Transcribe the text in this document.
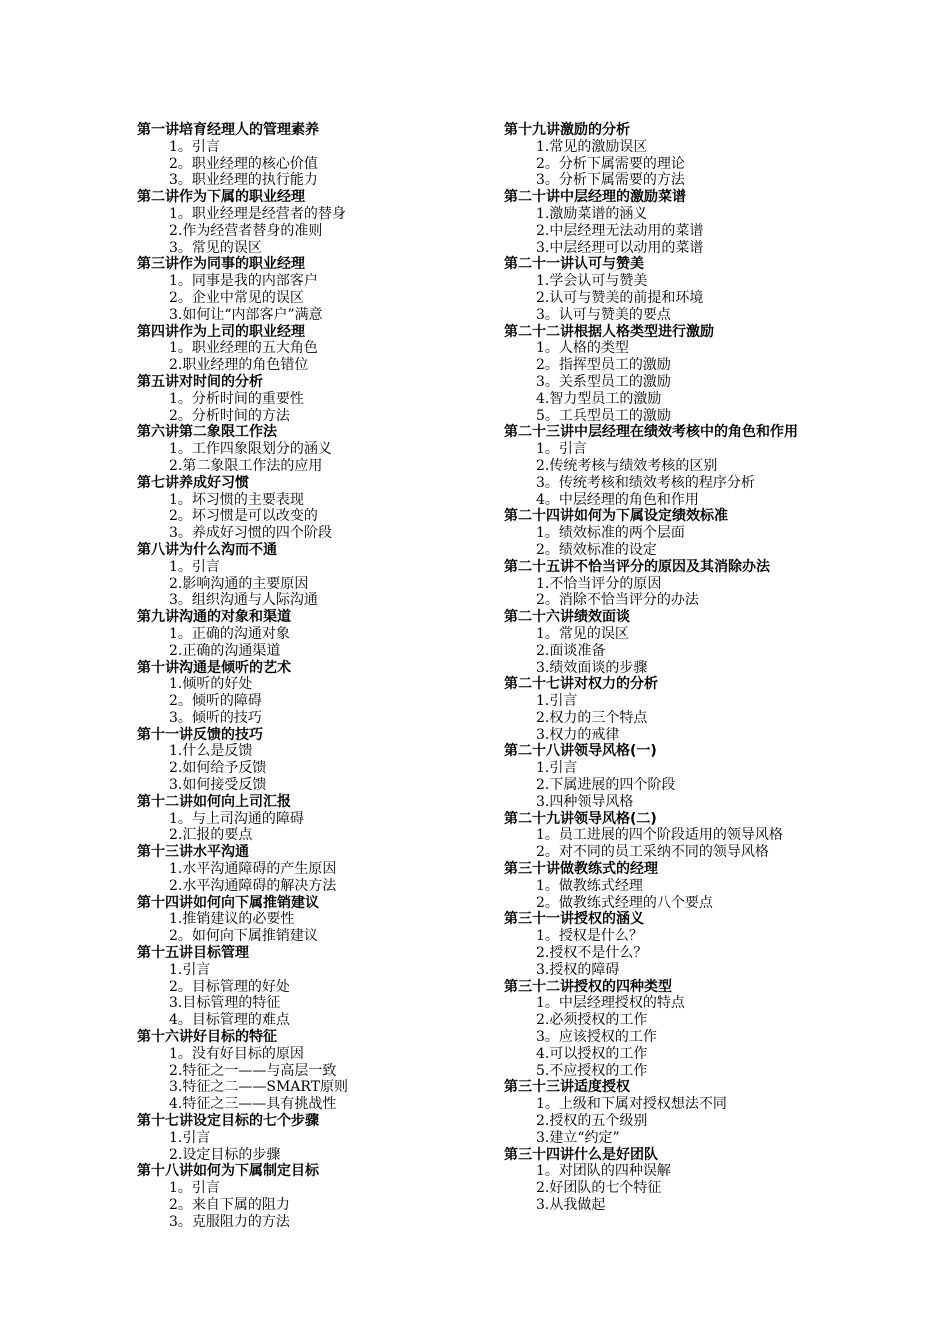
第一讲培育经理人的管理素养
1。引言
2。职业经理的核心价值
3。职业经理的执行能力
第二讲作为下属的职业经理
1。职业经理是经营者的替身
2.作为经营者替身的准则
3。常见的误区
第三讲作为同事的职业经理
1。同事是我的内部客户
2。企业中常见的误区
3.如何让“内部客户”满意
第四讲作为上司的职业经理
1。职业经理的五大角色
2.职业经理的角色错位
第五讲对时间的分析
1。分析时间的重要性
2。分析时间的方法
第六讲第二象限工作法
1。工作四象限划分的涵义
2.第二象限工作法的应用
第七讲养成好习惯
1。坏习惯的主要表现
2。坏习惯是可以改变的
3。养成好习惯的四个阶段
第八讲为什么沟而不通
1。引言
2.影响沟通的主要原因
3。组织沟通与人际沟通
第九讲沟通的对象和渠道
1。正确的沟通对象
2.正确的沟通渠道
第十讲沟通是倾听的艺术
1.倾听的好处
2。倾听的障碍
3。倾听的技巧
第十一讲反馈的技巧
1.什么是反馈
2.如何给予反馈
3.如何接受反馈
第十二讲如何向上司汇报
1。与上司沟通的障碍
2.汇报的要点
第十三讲水平沟通
1.水平沟通障碍的产生原因
2.水平沟通障碍的解决方法
第十四讲如何向下属推销建议
1.推销建议的必要性
2。如何向下属推销建议
第十五讲目标管理
1.引言
2。目标管理的好处
3.目标管理的特征
4。目标管理的难点
第十六讲好目标的特征
1。没有好目标的原因
2.特征之一——与高层一致
3.特征之二——SMART原则
4.特征之三——具有挑战性
第十七讲设定目标的七个步骤
1.引言
2.设定目标的步骤
第十八讲如何为下属制定目标
1。引言
2。来自下属的阻力
3。克服阻力的方法
第十九讲激励的分析
1.常见的激励误区
2。分析下属需要的理论
3。分析下属需要的方法
第二十讲中层经理的激励菜谱
1.激励菜谱的涵义
2.中层经理无法动用的菜谱
3.中层经理可以动用的菜谱
第二十一讲认可与赞美
1.学会认可与赞美
2.认可与赞美的前提和环境
3。认可与赞美的要点
第二十二讲根据人格类型进行激励
1。人格的类型
2。指挥型员工的激励
3。关系型员工的激励
4.智力型员工的激励
5。工兵型员工的激励
第二十三讲中层经理在绩效考核中的角色和作用
1。引言
2.传统考核与绩效考核的区别
3。传统考核和绩效考核的程序分析
4。中层经理的角色和作用
第二十四讲如何为下属设定绩效标准
1。绩效标准的两个层面
2。绩效标准的设定
第二十五讲不恰当评分的原因及其消除办法
1.不恰当评分的原因
2。消除不恰当评分的办法
第二十六讲绩效面谈
1。常见的误区
2.面谈准备
3.绩效面谈的步骤
第二十七讲对权力的分析
1.引言
2.权力的三个特点
3.权力的戒律
第二十八讲领导风格(一)
1.引言
2.下属进展的四个阶段
3.四种领导风格
第二十九讲领导风格(二)
1。员工进展的四个阶段适用的领导风格
2。对不同的员工采纳不同的领导风格
第三十讲做教练式的经理
1。做教练式经理
2。做教练式经理的八个要点
第三十一讲授权的涵义
1。授权是什么？
2.授权不是什么？
3.授权的障碍
第三十二讲授权的四种类型
1。中层经理授权的特点
2.必须授权的工作
3。应该授权的工作
4.可以授权的工作
5.不应授权的工作
第三十三讲适度授权
1。上级和下属对授权想法不同
2.授权的五个级别
3.建立“约定”
第三十四讲什么是好团队
1。对团队的四种误解
2.好团队的七个特征
3.从我做起
